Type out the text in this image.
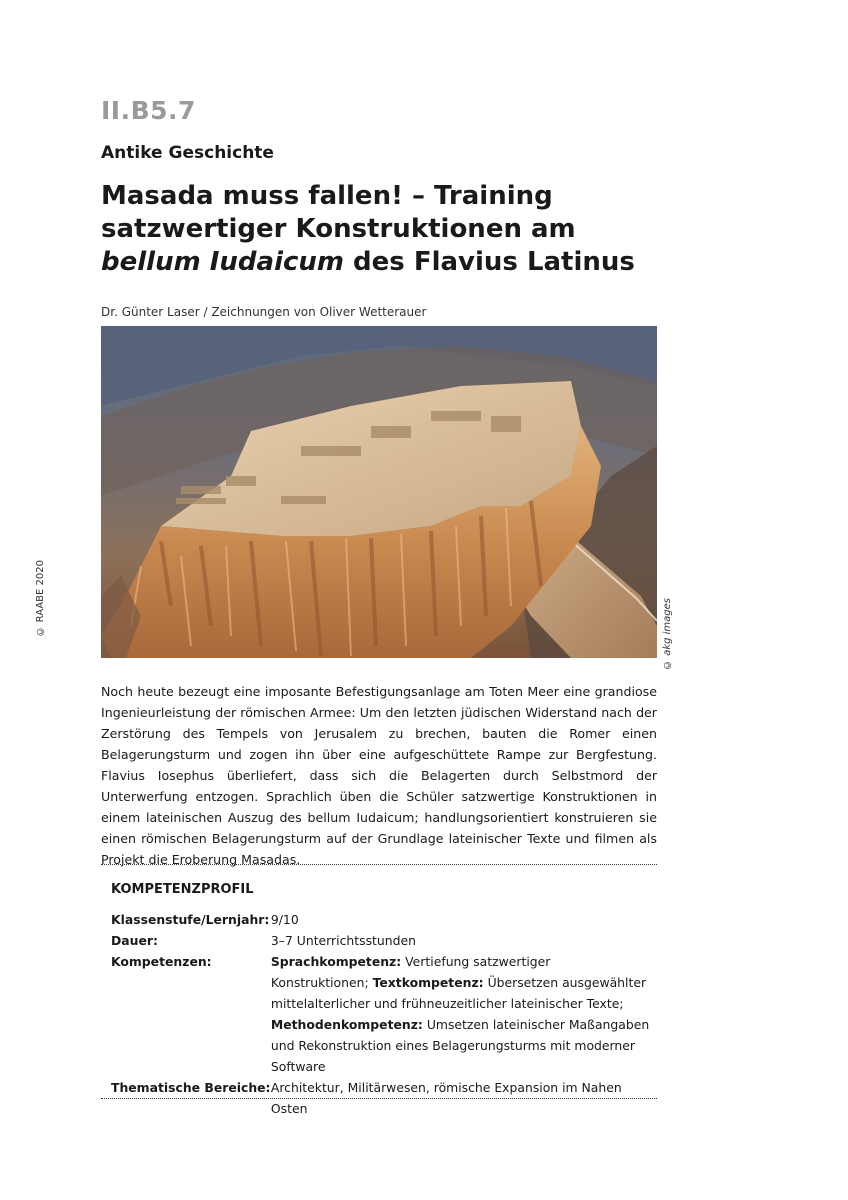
II.B5.7
Antike Geschichte
Masada muss fallen! – Training satzwertiger Konstruktionen am bellum Iudaicum des Flavius Latinus
Dr. Günter Laser / Zeichnungen von Oliver Wetterauer
© akg images
© RAABE 2020
Noch heute bezeugt eine imposante Befestigungsanlage am Toten Meer eine grandiose Ingenieurleistung der römischen Armee: Um den letzten jüdischen Widerstand nach der Zerstörung des Tempels von Jerusalem zu brechen, bauten die Romer einen Belagerungsturm und zogen ihn über eine aufgeschüttete Rampe zur Bergfestung. Flavius Iosephus überliefert, dass sich die Belagerten durch Selbstmord der Unterwerfung entzogen. Sprachlich üben die Schüler satzwertige Konstruktionen in einem lateinischen Auszug des bellum Iudaicum; handlungsorientiert konstruieren sie einen römischen Belagerungsturm auf der Grundlage lateinischer Texte und filmen als Projekt die Eroberung Masadas.
KOMPETENZPROFIL
Klassenstufe/Lernjahr:	9/10
Dauer:	3–7 Unterrichtsstunden
Kompetenzen:	Sprachkompetenz: Vertiefung satzwertiger Konstruktionen; Textkompetenz: Übersetzen ausgewählter mittelalterlicher und frühneuzeitlicher lateinischer Texte; Methodenkompetenz: Umsetzen lateinischer Maßangaben und Rekonstruktion eines Belagerungsturms mit moderner Software
Thematische Bereiche:	Architektur, Militärwesen, römische Expansion im Nahen Osten
